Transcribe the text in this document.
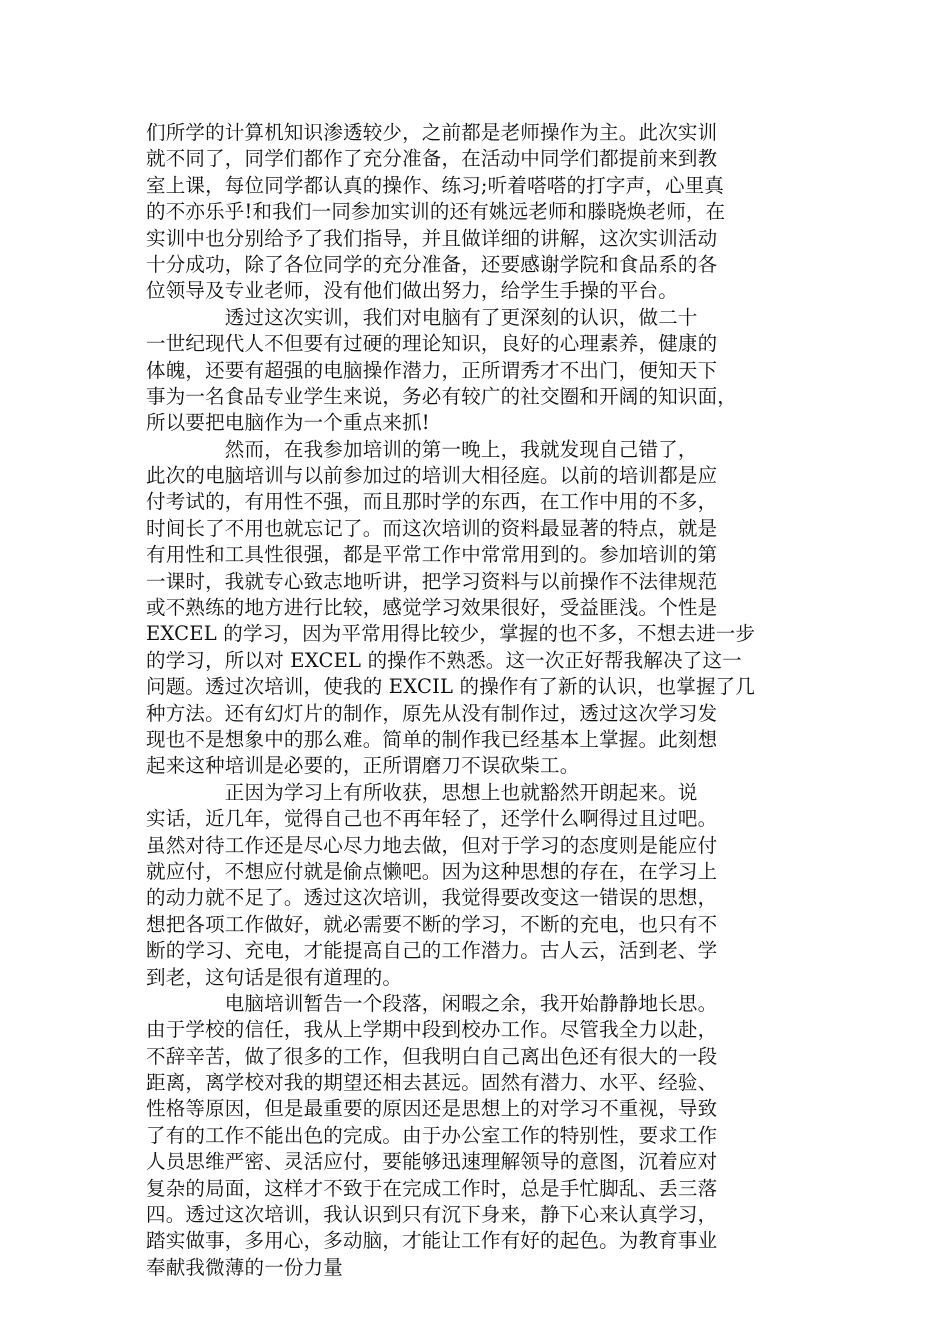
们所学的计算机知识渗透较少，之前都是老师操作为主。此次实训
就不同了，同学们都作了充分准备，在活动中同学们都提前来到教
室上课，每位同学都认真的操作、练习;听着嗒嗒的打字声，心里真
的不亦乐乎!和我们一同参加实训的还有姚远老师和滕晓焕老师，在
实训中也分别给予了我们指导，并且做详细的讲解，这次实训活动
十分成功，除了各位同学的充分准备，还要感谢学院和食品系的各
位领导及专业老师，没有他们做出努力，给学生手操的平台。
　　　　透过这次实训，我们对电脑有了更深刻的认识，做二十
一世纪现代人不但要有过硬的理论知识，良好的心理素养，健康的
体魄，还要有超强的电脑操作潜力，正所谓秀才不出门，便知天下
事为一名食品专业学生来说，务必有较广的社交圈和开阔的知识面，
所以要把电脑作为一个重点来抓!
　　　　然而，在我参加培训的第一晚上，我就发现自己错了，
此次的电脑培训与以前参加过的培训大相径庭。以前的培训都是应
付考试的，有用性不强，而且那时学的东西，在工作中用的不多，
时间长了不用也就忘记了。而这次培训的资料最显著的特点，就是
有用性和工具性很强，都是平常工作中常常用到的。参加培训的第
一课时，我就专心致志地听讲，把学习资料与以前操作不法律规范
或不熟练的地方进行比较，感觉学习效果很好，受益匪浅。个性是
EXCEL 的学习，因为平常用得比较少，掌握的也不多，不想去进一步
的学习，所以对 EXCEL 的操作不熟悉。这一次正好帮我解决了这一
问题。透过次培训，使我的 EXCIL 的操作有了新的认识，也掌握了几
种方法。还有幻灯片的制作，原先从没有制作过，透过这次学习发
现也不是想象中的那么难。简单的制作我已经基本上掌握。此刻想
起来这种培训是必要的，正所谓磨刀不误砍柴工。
　　　　正因为学习上有所收获，思想上也就豁然开朗起来。说
实话，近几年，觉得自己也不再年轻了，还学什么啊得过且过吧。
虽然对待工作还是尽心尽力地去做，但对于学习的态度则是能应付
就应付，不想应付就是偷点懒吧。因为这种思想的存在，在学习上
的动力就不足了。透过这次培训，我觉得要改变这一错误的思想，
想把各项工作做好，就必需要不断的学习，不断的充电，也只有不
断的学习、充电，才能提高自己的工作潜力。古人云，活到老、学
到老，这句话是很有道理的。
　　　　电脑培训暂告一个段落，闲暇之余，我开始静静地长思。
由于学校的信任，我从上学期中段到校办工作。尽管我全力以赴，
不辞辛苦，做了很多的工作，但我明白自己离出色还有很大的一段
距离，离学校对我的期望还相去甚远。固然有潜力、水平、经验、
性格等原因，但是最重要的原因还是思想上的对学习不重视，导致
了有的工作不能出色的完成。由于办公室工作的特别性，要求工作
人员思维严密、灵活应付，要能够迅速理解领导的意图，沉着应对
复杂的局面，这样才不致于在完成工作时，总是手忙脚乱、丢三落
四。透过这次培训，我认识到只有沉下身来，静下心来认真学习，
踏实做事，多用心，多动脑，才能让工作有好的起色。为教育事业
奉献我微薄的一份力量
